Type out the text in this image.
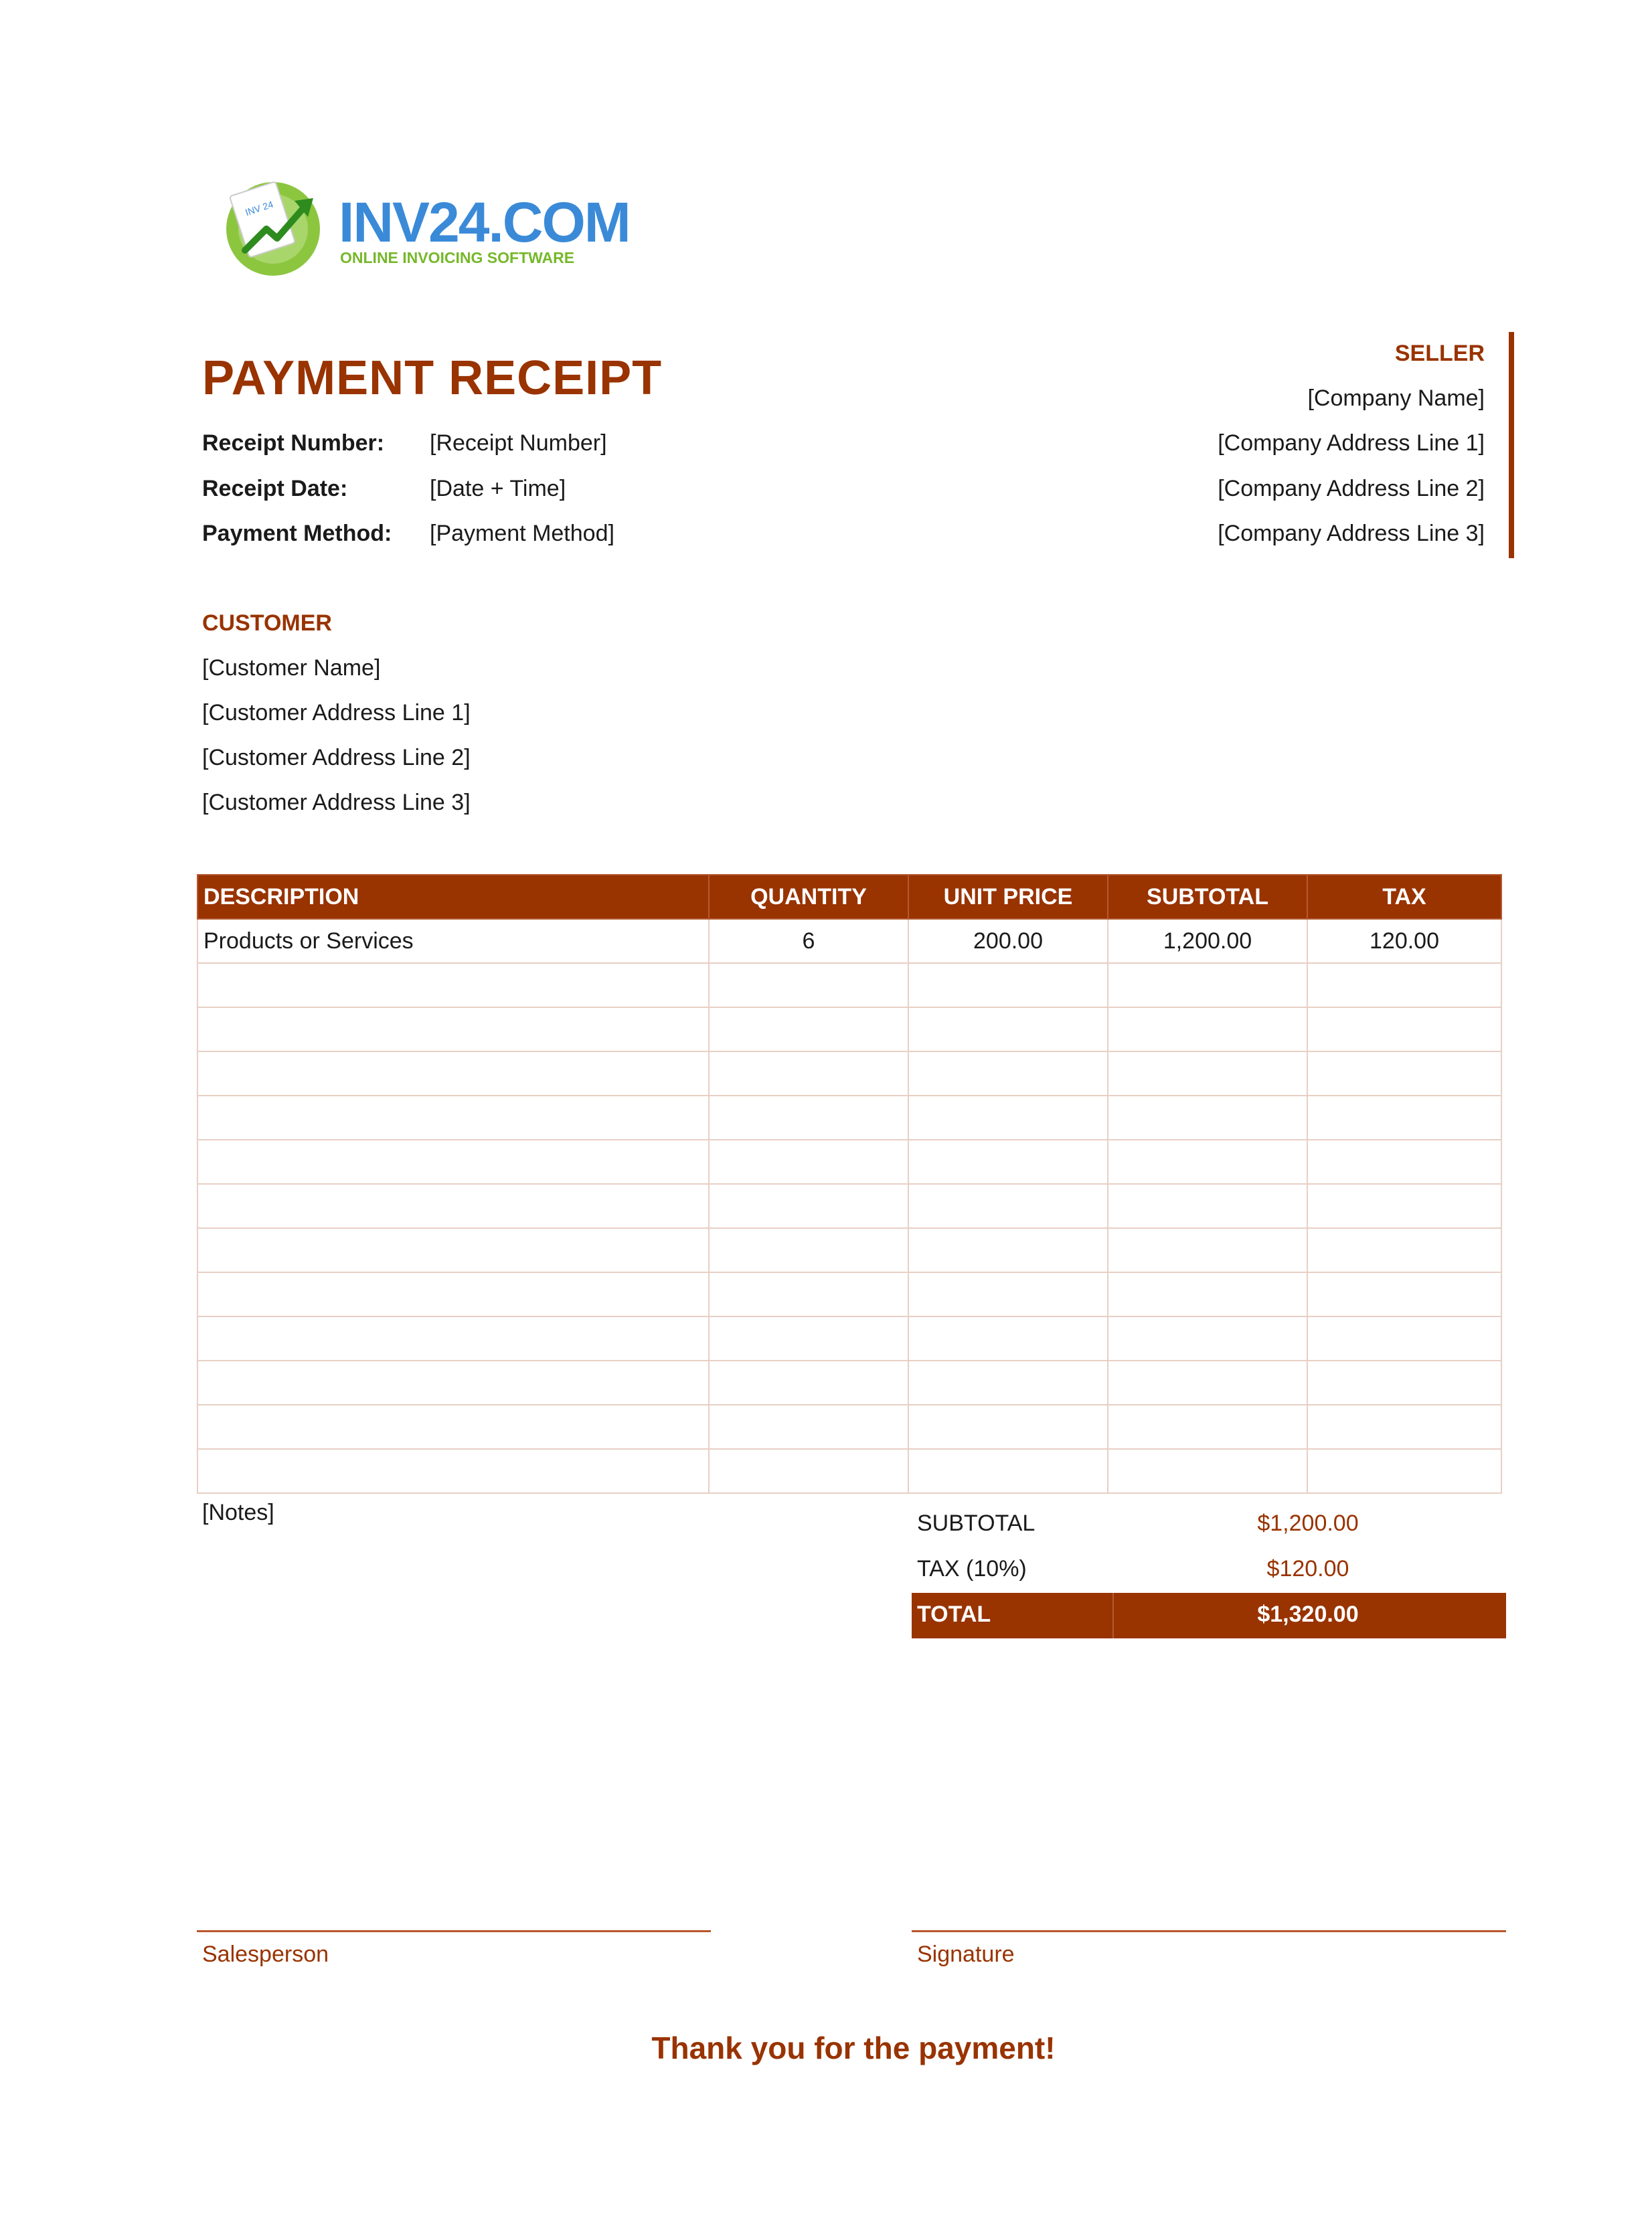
INV 24 INV24.COM
ONLINE INVOICING SOFTWARE
PAYMENT RECEIPT
Receipt Number: [Receipt Number]
Receipt Date:	[Date + Time]
Payment Method: [Payment Method]
SELLER
[Company Name]
[Company Address Line 1]
[Company Address Line 2]
[Company Address Line 3]
CUSTOMER
[Customer Name]
[Customer Address Line 1]
[Customer Address Line 2]
[Customer Address Line 3]
DESCRIPTION	QUANTITY	UNIT PRICE	SUBTOTAL	TAX
Products or Services	6	200.00	1,200.00	120.00

[Notes]	SUBTOTAL	$1,200.00
TAX (10%)	$120.00
TOTAL	$1,320.00
Salesperson	Signature
Thank you for the payment!
